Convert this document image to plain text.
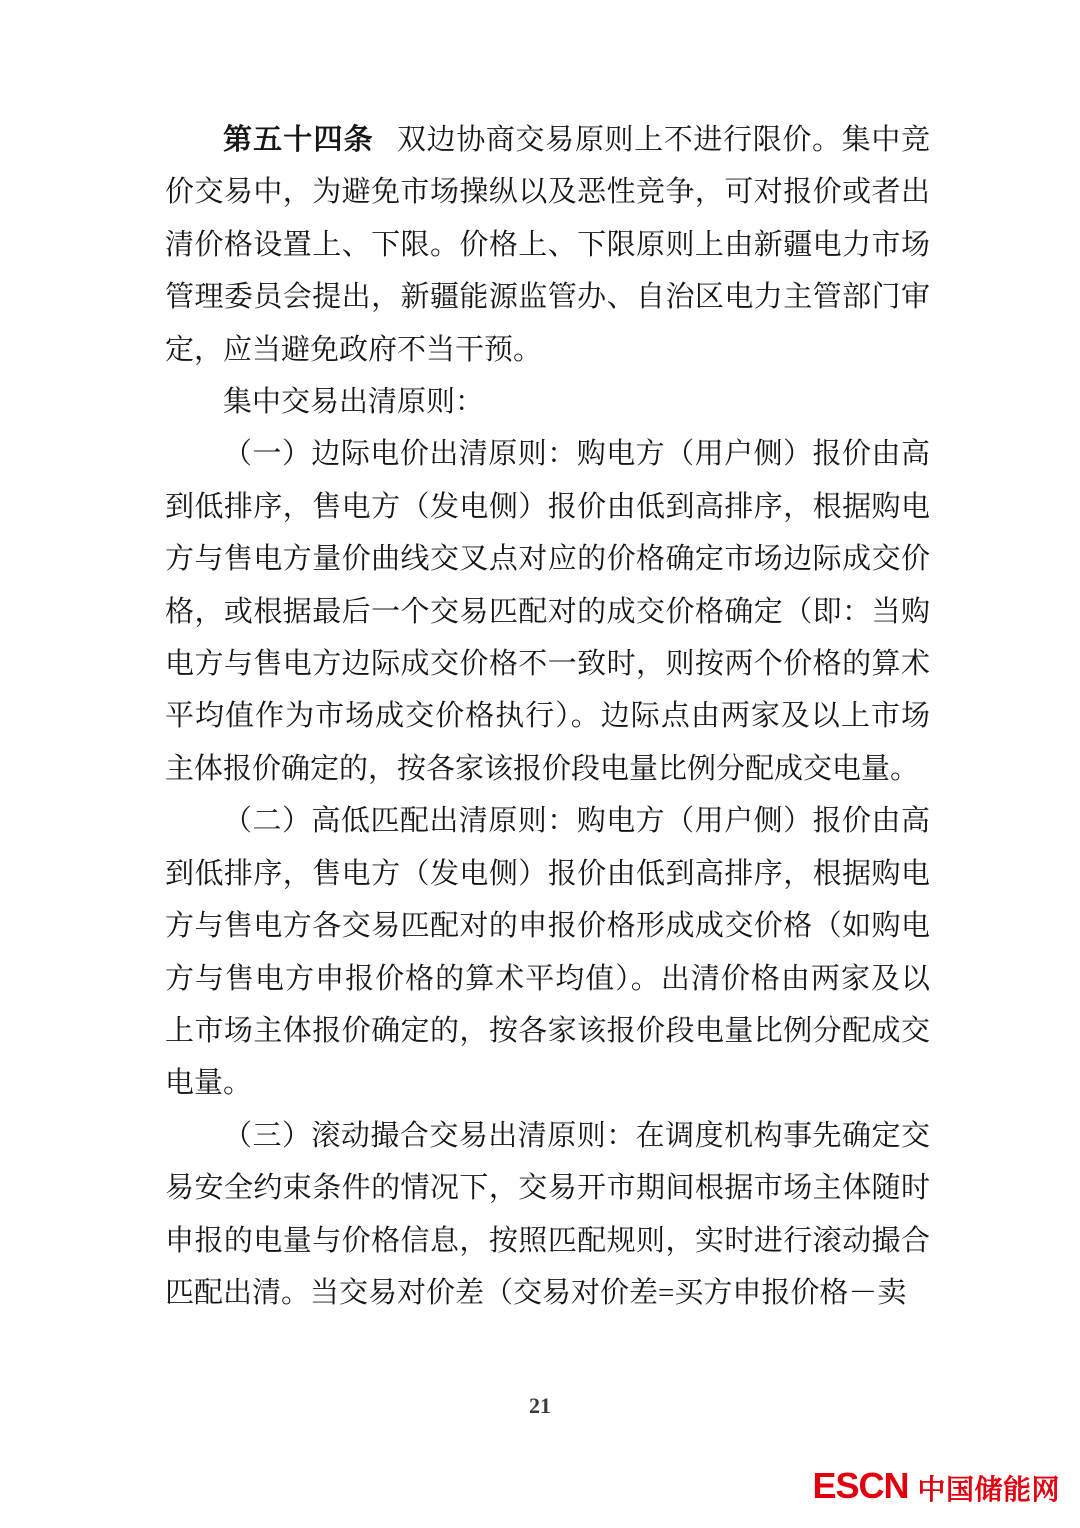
第五十四条 双边协商交易原则上不进行限价。集中竞价交易中，为避免市场操纵以及恶性竞争，可对报价或者出清价格设置上、下限。价格上、下限原则上由新疆电力市场管理委员会提出，新疆能源监管办、自治区电力主管部门审定，应当避免政府不当干预。

集中交易出清原则：

（一）边际电价出清原则：购电方（用户侧）报价由高到低排序，售电方（发电侧）报价由低到高排序，根据购电方与售电方量价曲线交叉点对应的价格确定市场边际成交价格，或根据最后一个交易匹配对的成交价格确定（即：当购电方与售电方边际成交价格不一致时，则按两个价格的算术平均值作为市场成交价格执行）。边际点由两家及以上市场主体报价确定的，按各家该报价段电量比例分配成交电量。

（二）高低匹配出清原则：购电方（用户侧）报价由高到低排序，售电方（发电侧）报价由低到高排序，根据购电方与售电方各交易匹配对的申报价格形成成交价格（如购电方与售电方申报价格的算术平均值）。出清价格由两家及以上市场主体报价确定的，按各家该报价段电量比例分配成交电量。

（三）滚动撮合交易出清原则：在调度机构事先确定交易安全约束条件的情况下，交易开市期间根据市场主体随时申报的电量与价格信息，按照匹配规则，实时进行滚动撮合匹配出清。当交易对价差（交易对价差=买方申报价格－卖

21
ESCN 中国储能网
